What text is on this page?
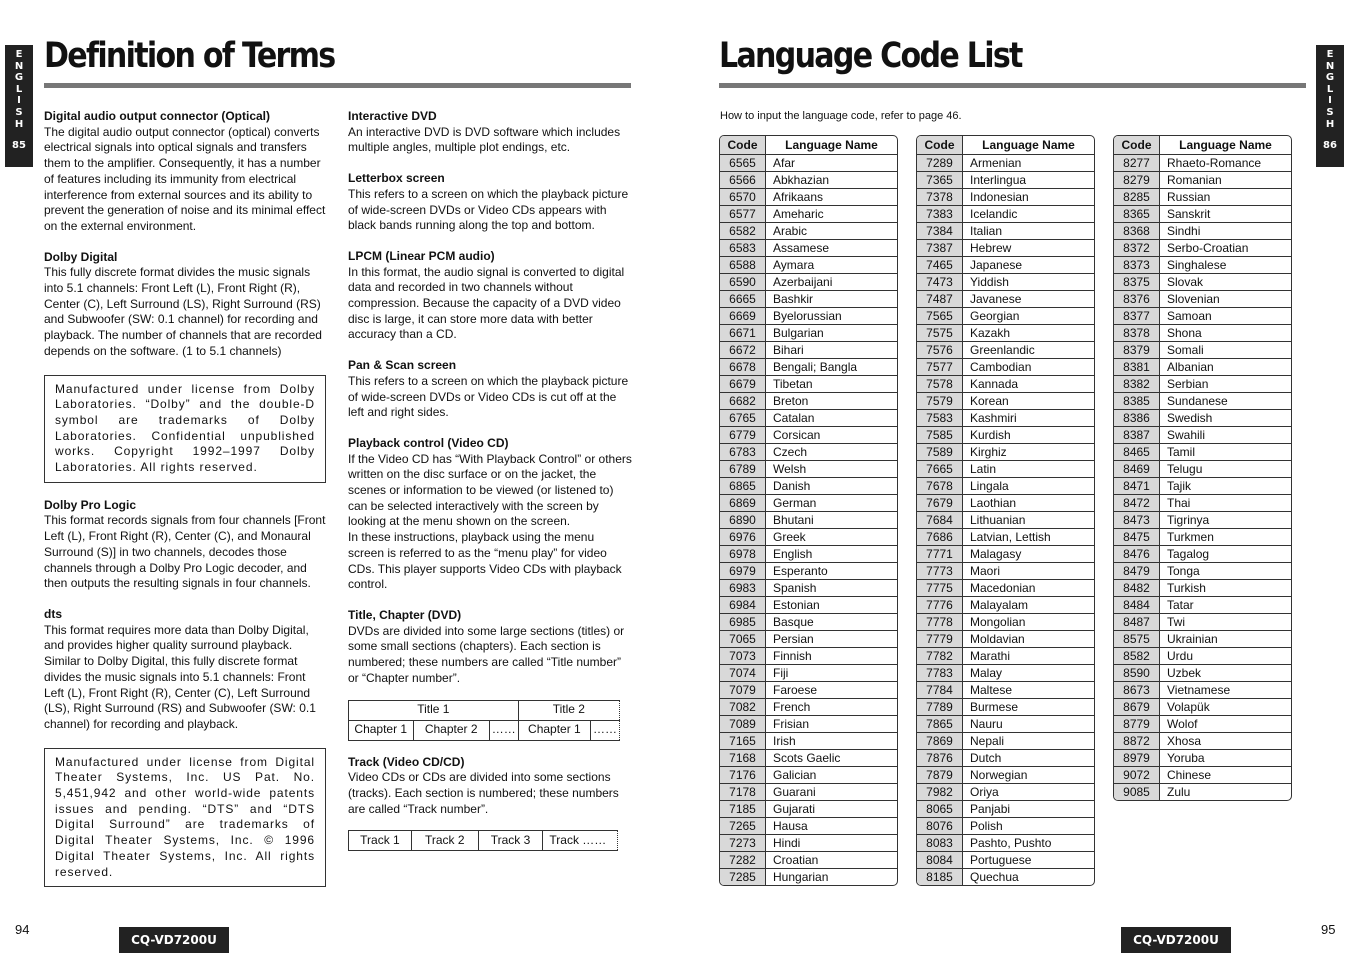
E
N
G
L
I
S
H
85
Definition of Terms
Digital audio output connector (Optical)

The digital audio output connector (optical) converts electrical signals into optical signals and transfers them to the amplifier. Consequently, it has a number of features including its immunity from electrical interference from external sources and its ability to prevent the generation of noise and its minimal effect on the external environment.

Dolby Digital

This fully discrete format divides the music signals into 5.1 channels: Front Left (L), Front Right (R), Center (C), Left Surround (LS), Right Surround (RS) and Subwoofer (SW: 0.1 channel) for recording and playback. The number of channels that are recorded depends on the software. (1 to 5.1 channels)

Manufactured under license from Dolby Laboratories. “Dolby” and the double-D symbol are trademarks of Dolby Laboratories. Confidential unpublished works. Copyright 1992–1997 Dolby Laboratories. All rights reserved.
Dolby Pro Logic

This format records signals from four channels [Front Left (L), Front Right (R), Center (C), and Monaural Surround (S)] in two channels, decodes those channels through a Dolby Pro Logic decoder, and then outputs the resulting signals in four channels.

dts

This format requires more data than Dolby Digital, and provides higher quality surround playback.

Similar to Dolby Digital, this fully discrete format divides the music signals into 5.1 channels: Front Left (L), Front Right (R), Center (C), Left Surround (LS), Right Surround (RS) and Subwoofer (SW: 0.1 channel) for recording and playback.

Manufactured under license from Digital Theater Systems, Inc. US Pat. No. 5,451,942 and other world-wide patents issues and pending. “DTS” and “DTS Digital Surround” are trademarks of Digital Theater Systems, Inc. © 1996 Digital Theater Systems, Inc. All rights reserved.
Interactive DVD

An interactive DVD is DVD software which includes multiple angles, multiple plot endings, etc.

Letterbox screen

This refers to a screen on which the playback picture of wide-screen DVDs or Video CDs appears with black bands running along the top and bottom.

LPCM (Linear PCM audio)

In this format, the audio signal is converted to digital data and recorded in two channels without compression. Because the capacity of a DVD video disc is large, it can store more data with better accuracy than a CD.

Pan & Scan screen

This refers to a screen on which the playback picture of wide-screen DVDs or Video CDs is cut off at the left and right sides.

Playback control (Video CD)

If the Video CD has “With Playback Control” or others written on the disc surface or on the jacket, the scenes or information to be viewed (or listened to) can be selected interactively with the screen by looking at the menu shown on the screen.

In these instructions, playback using the menu screen is referred to as the “menu play” for video CDs. This player supports Video CDs with playback control.

Title, Chapter (DVD)

DVDs are divided into some large sections (titles) or some small sections (chapters). Each section is numbered; these numbers are called “Title number” or “Chapter number”.

Title 1			Title 2	
Chapter 1	Chapter 2	……	Chapter 1	……
Track (Video CD/CD)

Video CDs or CDs are divided into some sections (tracks). Each section is numbered; these numbers are called “Track number”.

Track 1	Track 2	Track 3	Track ……
94
CQ-VD7200U
E
N
G
L
I
S
H
86
Language Code List
How to input the language code, refer to page 46.
Code	Language Name
6565	Afar
6566	Abkhazian
6570	Afrikaans
6577	Ameharic
6582	Arabic
6583	Assamese
6588	Aymara
6590	Azerbaijani
6665	Bashkir
6669	Byelorussian
6671	Bulgarian
6672	Bihari
6678	Bengali; Bangla
6679	Tibetan
6682	Breton
6765	Catalan
6779	Corsican
6783	Czech
6789	Welsh
6865	Danish
6869	German
6890	Bhutani
6976	Greek
6978	English
6979	Esperanto
6983	Spanish
6984	Estonian
6985	Basque
7065	Persian
7073	Finnish
7074	Fiji
7079	Faroese
7082	French
7089	Frisian
7165	Irish
7168	Scots Gaelic
7176	Galician
7178	Guarani
7185	Gujarati
7265	Hausa
7273	Hindi
7282	Croatian
7285	Hungarian
Code	Language Name
7289	Armenian
7365	Interlingua
7378	Indonesian
7383	Icelandic
7384	Italian
7387	Hebrew
7465	Japanese
7473	Yiddish
7487	Javanese
7565	Georgian
7575	Kazakh
7576	Greenlandic
7577	Cambodian
7578	Kannada
7579	Korean
7583	Kashmiri
7585	Kurdish
7589	Kirghiz
7665	Latin
7678	Lingala
7679	Laothian
7684	Lithuanian
7686	Latvian, Lettish
7771	Malagasy
7773	Maori
7775	Macedonian
7776	Malayalam
7778	Mongolian
7779	Moldavian
7782	Marathi
7783	Malay
7784	Maltese
7789	Burmese
7865	Nauru
7869	Nepali
7876	Dutch
7879	Norwegian
7982	Oriya
8065	Panjabi
8076	Polish
8083	Pashto, Pushto
8084	Portuguese
8185	Quechua
Code	Language Name
8277	Rhaeto-Romance
8279	Romanian
8285	Russian
8365	Sanskrit
8368	Sindhi
8372	Serbo-Croatian
8373	Singhalese
8375	Slovak
8376	Slovenian
8377	Samoan
8378	Shona
8379	Somali
8381	Albanian
8382	Serbian
8385	Sundanese
8386	Swedish
8387	Swahili
8465	Tamil
8469	Telugu
8471	Tajik
8472	Thai
8473	Tigrinya
8475	Turkmen
8476	Tagalog
8479	Tonga
8482	Turkish
8484	Tatar
8487	Twi
8575	Ukrainian
8582	Urdu
8590	Uzbek
8673	Vietnamese
8679	Volapük
8779	Wolof
8872	Xhosa
8979	Yoruba
9072	Chinese
9085	Zulu
95
CQ-VD7200U
